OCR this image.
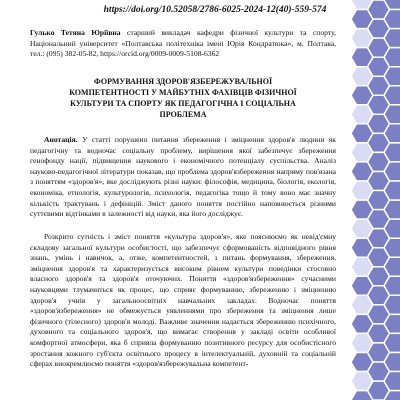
https://doi.org/10.52058/2786-6025-2024-12(40)-559-574
Гулько Тетяна Юріївна старший викладач кафедри фізичної культури та спорту, Національний університет «Полтавська політехніка імені Юрія Кондратюка», м. Полтава, тел.: (095) 382-05-82, https://orcid.org/0009-0009-5108-6362
ФОРМУВАННЯ ЗДОРОВ'ЯЗБЕРЕЖУВАЛЬНОЇ
КОМПЕТЕНТНОСТІ У МАЙБУТНІХ ФАХІВЦІВ ФІЗИЧНОЇ
КУЛЬТУРИ ТА СПОРТУ ЯК ПЕДАГОГІЧНА І СОЦІАЛЬНА
ПРОБЛЕМА

Анотація. У статті порушено питання збереження і зміцнення здоров'я людини як педагогічну та водночас соціальну проблему, вирішення якої забезпечує збереження генофонду нації, підвищення наукового і економічного потенціалу суспільства. Аналіз науково-педагогічної літератури показав, що проблема здоров'язбереження напряму пов'язана з поняттям «здоров'я», яке досліджують різні науки: філософія, медицина, біологія, екологія, економіка, етнологія, культурологія, психологія, педагогіка тощо й тому воно має значну кількість трактувань і дефініцій. Зміст даного поняття постійно наповнюється різними суттєвими відтінками в залежності від науки, яка його досліджує.

Розкрито сутність і зміст поняття «культура здоров'я», яке пояснюємо як невід'ємну складову загальної культури особистості, що забезпечує сформованість відповідного рівня знань, умінь і навичок, а, отже, компетентностей, з питань формування, збереження, зміцнення здоров'я та характеризується високим рівнем культури поведінки стосовно власного здоров'я та здоров'я оточуючих. Поняття «здоров'язбереження» сучасними науковцями тлумачиться як процес, що сприяє формуванню, збереженню і зміцненню здоров'я учнів у загальноосвітніх навчальних закладах. Водночас поняття «здоров'язбереження» не обмежується уявленнями про збереження та зміцнення лише фізичного (тілесного) здоров'я молоді. Важливе значення надається збереженню психічного, духовного та соціального здоров'я, що вимагає створення у закладі освіти особливої комфортної атмосфери, яка б сприяла формуванню позитивного ресурсу для особистісного зростання кожного суб'єкта освітнього процесу в інтелектуальній, духовній та соціальній сферах виокремлюємо поняття «здоров'язбережувальна компетент-
